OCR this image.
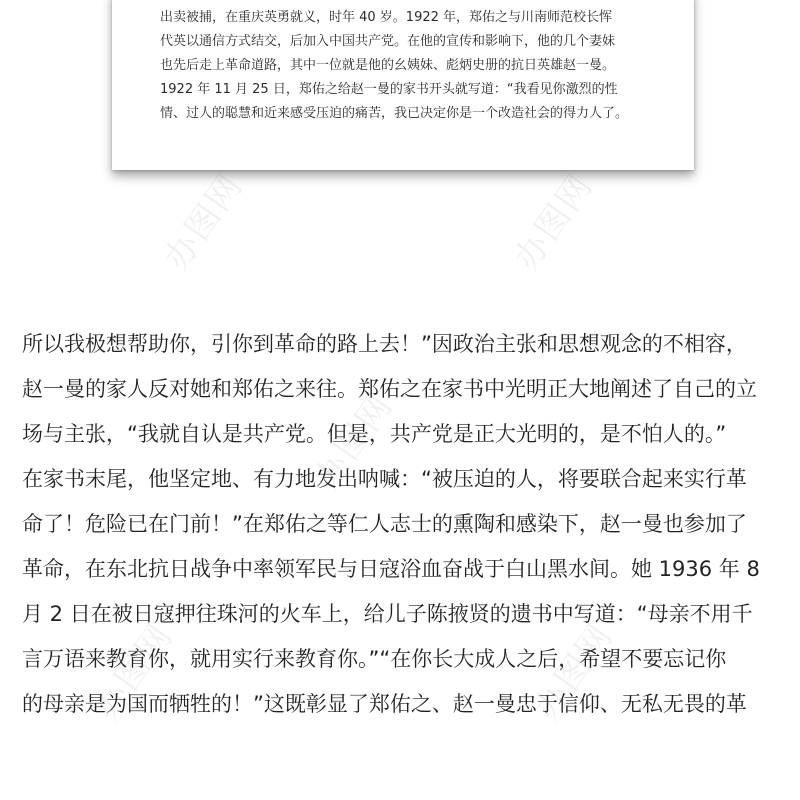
出卖被捕，在重庆英勇就义，时年 40 岁。1922 年，郑佑之与川南师范校长恽
代英以通信方式结交，后加入中国共产党。在他的宣传和影响下，他的几个妻妹
也先后走上革命道路，其中一位就是他的幺姨妹、彪炳史册的抗日英雄赵一曼。
1922 年 11 月 25 日，郑佑之给赵一曼的家书开头就写道：“我看见你激烈的性
情、过人的聪慧和近来感受压迫的痛苦，我已决定你是一个改造社会的得力人了。
所以我极想帮助你，引你到革命的路上去！”因政治主张和思想观念的不相容，
赵一曼的家人反对她和郑佑之来往。郑佑之在家书中光明正大地阐述了自己的立
场与主张，“我就自认是共产党。但是，共产党是正大光明的，是不怕人的。”
在家书末尾，他坚定地、有力地发出呐喊：“被压迫的人，将要联合起来实行革
命了！危险已在门前！”在郑佑之等仁人志士的熏陶和感染下，赵一曼也参加了
革命，在东北抗日战争中率领军民与日寇浴血奋战于白山黑水间。她 1936 年 8
月 2 日在被日寇押往珠河的火车上，给儿子陈掖贤的遗书中写道：“母亲不用千
言万语来教育你，就用实行来教育你。”“在你长大成人之后，希望不要忘记你
的母亲是为国而牺牲的！”这既彰显了郑佑之、赵一曼忠于信仰、无私无畏的革
办图网	办图网
办图网
办图网	办图网
